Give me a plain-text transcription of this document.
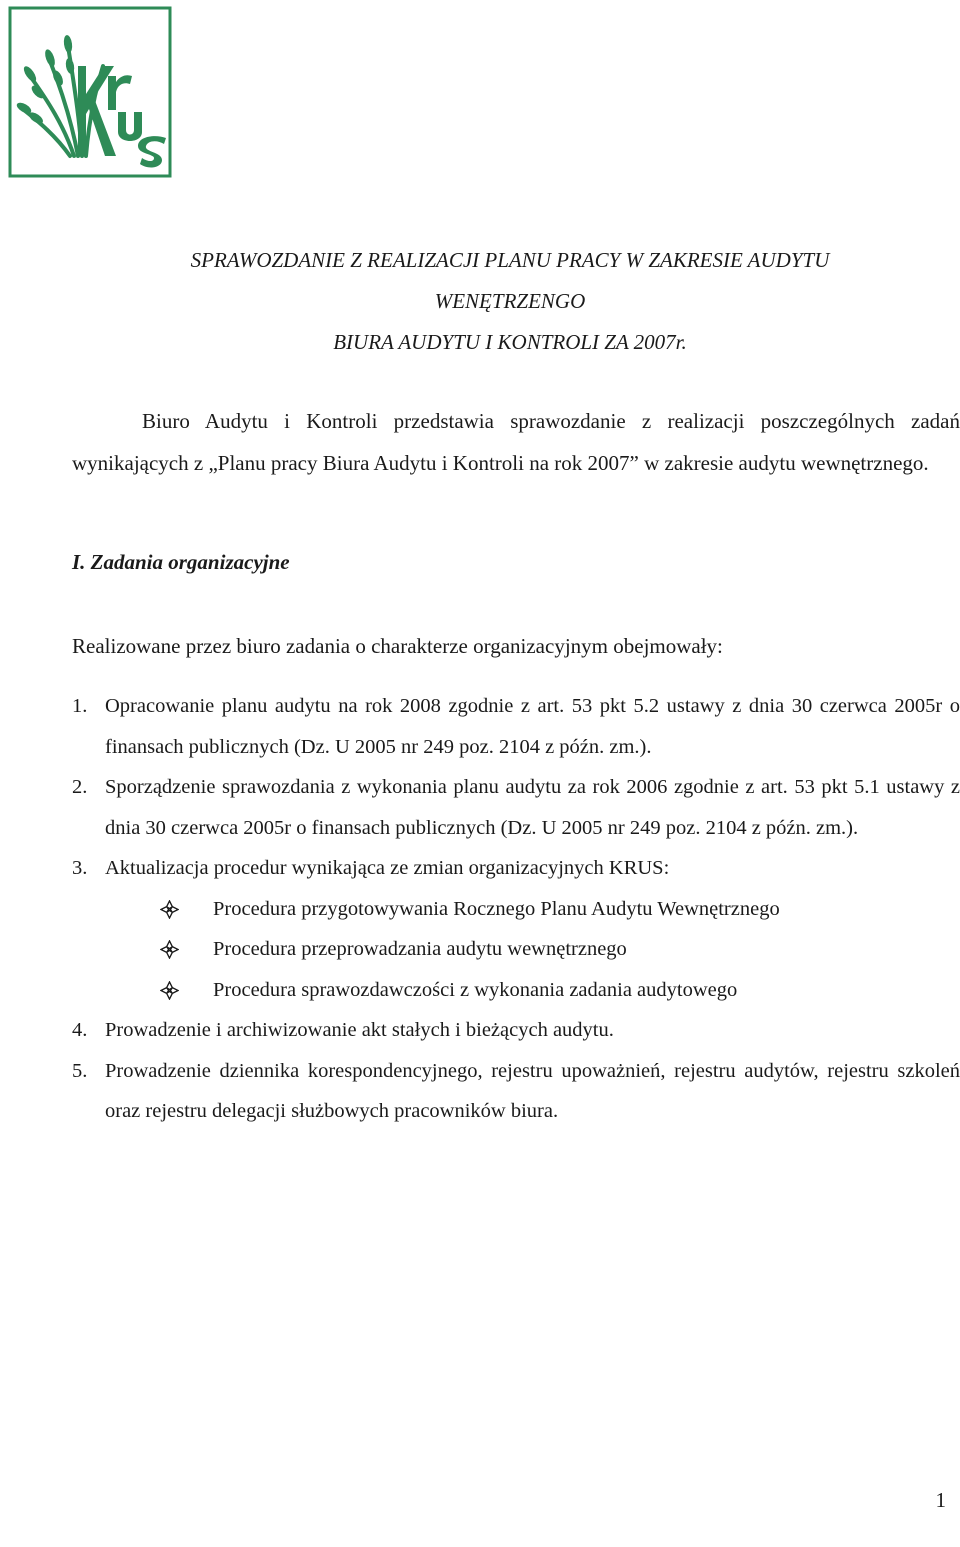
SPRAWOZDANIE Z REALIZACJI PLANU PRACY W ZAKRESIE AUDYTU
WENĘTRZENGO
BIURA AUDYTU I KONTROLI ZA 2007r.

Biuro Audytu i Kontroli przedstawia sprawozdanie z realizacji poszczególnych zadań wynikających z „Planu pracy Biura Audytu i Kontroli na rok 2007” w zakresie audytu wewnętrznego.

I. Zadania organizacyjne

Realizowane przez biuro zadania o charakterze organizacyjnym obejmowały:

1. Opracowanie planu audytu na rok 2008 zgodnie z art. 53 pkt 5.2 ustawy z dnia 30 czerwca 2005r o finansach publicznych (Dz. U 2005 nr 249 poz. 2104 z późn. zm.).
2. Sporządzenie sprawozdania z wykonania planu audytu za rok 2006 zgodnie z art. 53 pkt 5.1 ustawy z dnia 30 czerwca 2005r o finansach publicznych (Dz. U 2005 nr 249 poz. 2104 z późn. zm.).
3. Aktualizacja procedur wynikająca ze zmian organizacyjnych KRUS:
Procedura przygotowywania Rocznego Planu Audytu Wewnętrznego
Procedura przeprowadzania audytu wewnętrznego
Procedura sprawozdawczości z wykonania zadania audytowego
4. Prowadzenie i archiwizowanie akt stałych i bieżących audytu.
5. Prowadzenie dziennika korespondencyjnego, rejestru upoważnień, rejestru audytów, rejestru szkoleń oraz rejestru delegacji służbowych pracowników biura.

1
